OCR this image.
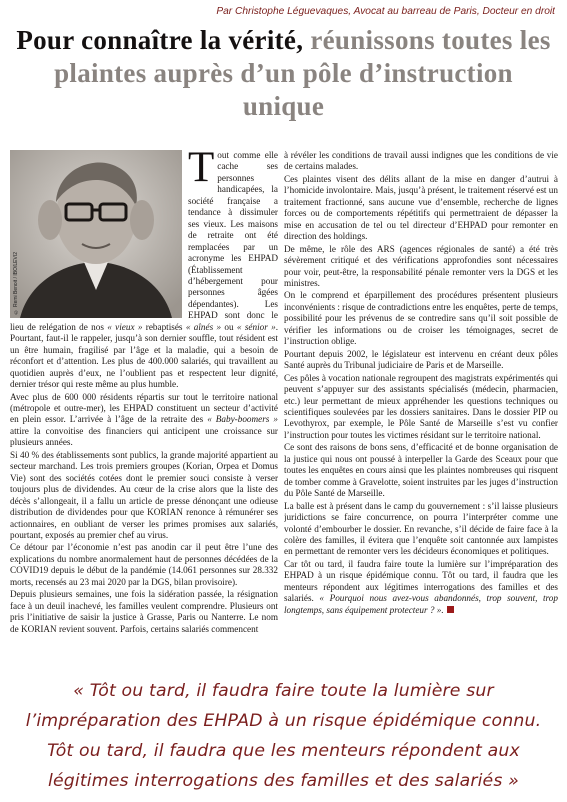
Par Christophe Léguevaques, Avocat au barreau de Paris, Docteur en droit
Pour connaître la vérité, réunissons toutes les plaintes auprès d’un pôle d’instruction unique
© Remi Benoit / IBO/LEVI2

Tout comme elle cache ses personnes handicapées, la société française a tendance à dissimuler ses vieux. Les maisons de retraite ont été remplacées par un acronyme les EHPAD (Établissement d’hébergement pour personnes âgées dépendantes). Les EHPAD sont donc le lieu de relégation de nos « vieux » rebaptisés « aînés » ou « sénior ». Pourtant, faut-il le rappeler, jusqu’à son dernier souffle, tout résident est un être humain, fragilisé par l’âge et la maladie, qui a besoin de réconfort et d’attention. Les plus de 400.000 salariés, qui travaillent au quotidien auprès d’eux, ne l’oublient pas et respectent leur dignité, dernier trésor qui reste même au plus humble.

Avec plus de 600 000 résidents répartis sur tout le territoire national (métropole et outre-mer), les EHPAD constituent un secteur d’activité en plein essor. L’arrivée à l’âge de la retraite des « Baby-boomers » attire la convoitise des financiers qui anticipent une croissance sur plusieurs années.

Si 40 % des établissements sont publics, la grande majorité appartient au secteur marchand. Les trois premiers groupes (Korian, Orpea et Domus Vie) sont des sociétés cotées dont le premier souci consiste à verser toujours plus de dividendes. Au cœur de la crise alors que la liste des décès s’allongeait, il a fallu un article de presse dénonçant une odieuse distribution de dividendes pour que KORIAN renonce à rémunérer ses actionnaires, en oubliant de verser les primes promises aux salariés, pourtant, exposés au premier chef au virus.

Ce détour par l’économie n’est pas anodin car il peut être l’une des explications du nombre anormalement haut de personnes décédées de la COVID19 depuis le début de la pandémie (14.061 personnes sur 28.332 morts, recensés au 23 mai 2020 par la DGS, bilan provisoire).

Depuis plusieurs semaines, une fois la sidération passée, la résignation face à un deuil inachevé, les familles veulent comprendre. Plusieurs ont pris l’initiative de saisir la justice à Grasse, Paris ou Nanterre. Le nom de KORIAN revient souvent. Parfois, certains salariés commencent

à révéler les conditions de travail aussi indignes que les conditions de vie de certains malades.

Ces plaintes visent des délits allant de la mise en danger d’autrui à l’homicide involontaire. Mais, jusqu’à présent, le traitement réservé est un traitement fractionné, sans aucune vue d’ensemble, recherche de lignes forces ou de comportements répétitifs qui permettraient de dépasser la mise en accusation de tel ou tel directeur d’EHPAD pour remonter en direction des holdings.

De même, le rôle des ARS (agences régionales de santé) a été très sévèrement critiqué et des vérifications approfondies sont nécessaires pour voir, peut-être, la responsabilité pénale remonter vers la DGS et les ministres.

On le comprend et éparpillement des procédures présentent plusieurs inconvénients : risque de contradictions entre les enquêtes, perte de temps, possibilité pour les prévenus de se contredire sans qu’il soit possible de vérifier les informations ou de croiser les témoignages, secret de l’instruction oblige.

Pourtant depuis 2002, le législateur est intervenu en créant deux pôles Santé auprès du Tribunal judiciaire de Paris et de Marseille.

Ces pôles à vocation nationale regroupent des magistrats expérimentés qui peuvent s’appuyer sur des assistants spécialisés (médecin, pharmacien, etc.) leur permettant de mieux appréhender les questions techniques ou scientifiques soulevées par les dossiers sanitaires. Dans le dossier PIP ou Levothyrox, par exemple, le Pôle Santé de Marseille s’est vu confier l’instruction pour toutes les victimes résidant sur le territoire national.

Ce sont des raisons de bons sens, d’efficacité et de bonne organisation de la justice qui nous ont poussé à interpeller la Garde des Sceaux pour que toutes les enquêtes en cours ainsi que les plaintes nombreuses qui risquent de tomber comme à Gravelotte, soient instruites par les juges d’instruction du Pôle Santé de Marseille.

La balle est à présent dans le camp du gouvernement : s’il laisse plusieurs juridictions se faire concurrence, on pourra l’interpréter comme une volonté d’embourber le dossier. En revanche, s’il décide de faire face à la colère des familles, il évitera que l’enquête soit cantonnée aux lampistes en permettant de remonter vers les décideurs économiques et politiques.

Car tôt ou tard, il faudra faire toute la lumière sur l’impréparation des EHPAD à un risque épidémique connu. Tôt ou tard, il faudra que les menteurs répondent aux légitimes interrogations des familles et des salariés. « Pourquoi nous avez-vous abandonnés, trop souvent, trop longtemps, sans équipement protecteur ? ».

« Tôt ou tard, il faudra faire toute la lumière sur l’impréparation des EHPAD à un risque épidémique connu. Tôt ou tard, il faudra que les menteurs répondent aux légitimes interrogations des familles et des salariés »
